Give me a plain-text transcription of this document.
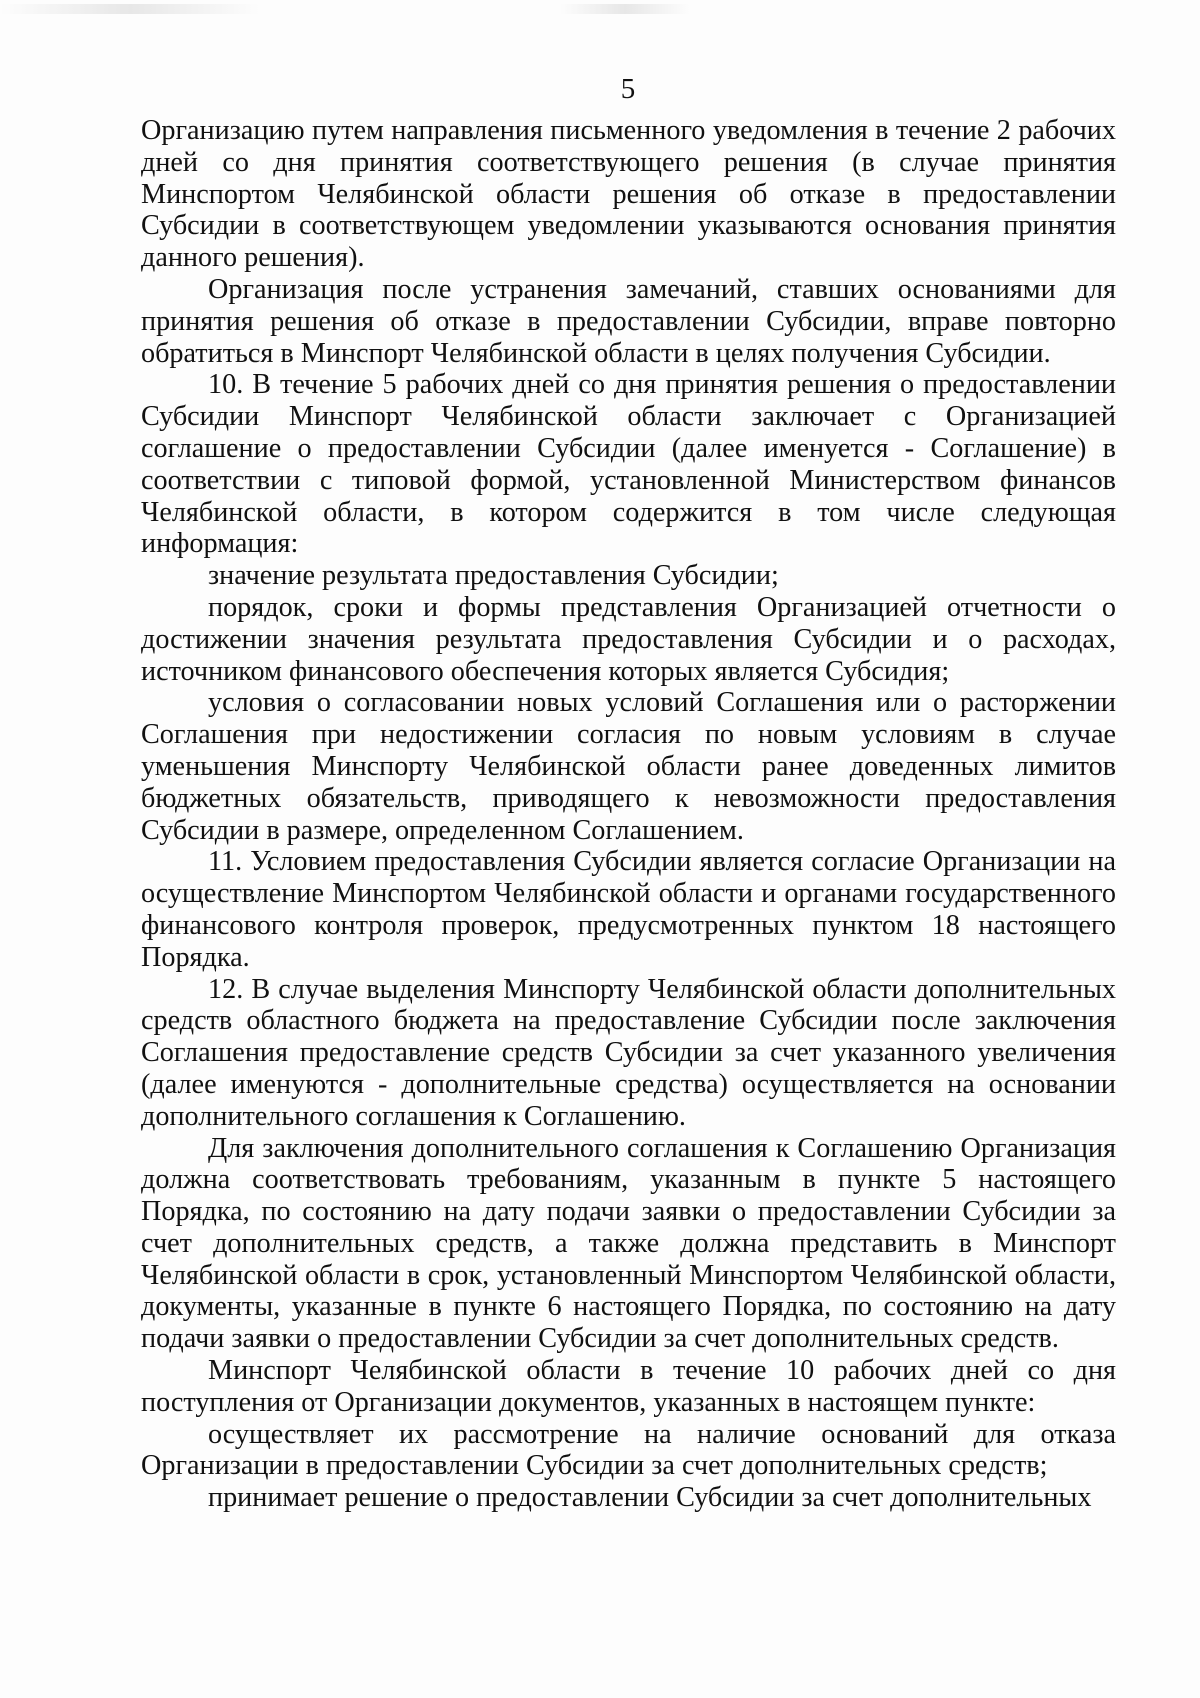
5

Организацию путем направления письменного уведомления в течение 2 рабочих дней со дня принятия соответствующего решения (в случае принятия Минспортом Челябинской области решения об отказе в предоставлении Субсидии в соответствующем уведомлении указываются основания принятия данного решения).

Организация после устранения замечаний, ставших основаниями для принятия решения об отказе в предоставлении Субсидии, вправе повторно обратиться в Минспорт Челябинской области в целях получения Субсидии.

10. В течение 5 рабочих дней со дня принятия решения о предоставлении Субсидии Минспорт Челябинской области заключает с Организацией соглашение о предоставлении Субсидии (далее именуется - Соглашение) в соответствии с типовой формой, установленной Министерством финансов Челябинской области, в котором содержится в том числе следующая информация:

значение результата предоставления Субсидии;

порядок, сроки и формы представления Организацией отчетности о достижении значения результата предоставления Субсидии и о расходах, источником финансового обеспечения которых является Субсидия;

условия о согласовании новых условий Соглашения или о расторжении Соглашения при недостижении согласия по новым условиям в случае уменьшения Минспорту Челябинской области ранее доведенных лимитов бюджетных обязательств, приводящего к невозможности предоставления Субсидии в размере, определенном Соглашением.

11. Условием предоставления Субсидии является согласие Организации на осуществление Минспортом Челябинской области и органами государственного финансового контроля проверок, предусмотренных пунктом 18 настоящего Порядка.

12. В случае выделения Минспорту Челябинской области дополнительных средств областного бюджета на предоставление Субсидии после заключения Соглашения предоставление средств Субсидии за счет указанного увеличения (далее именуются - дополнительные средства) осуществляется на основании дополнительного соглашения к Соглашению.

Для заключения дополнительного соглашения к Соглашению Организация должна соответствовать требованиям, указанным в пункте 5 настоящего Порядка, по состоянию на дату подачи заявки о предоставлении Субсидии за счет дополнительных средств, а также должна представить в Минспорт Челябинской области в срок, установленный Минспортом Челябинской области, документы, указанные в пункте 6 настоящего Порядка, по состоянию на дату подачи заявки о предоставлении Субсидии за счет дополнительных средств.

Минспорт Челябинской области в течение 10 рабочих дней со дня поступления от Организации документов, указанных в настоящем пункте:

осуществляет их рассмотрение на наличие оснований для отказа Организации в предоставлении Субсидии за счет дополнительных средств;

принимает решение о предоставлении Субсидии за счет дополнительных
